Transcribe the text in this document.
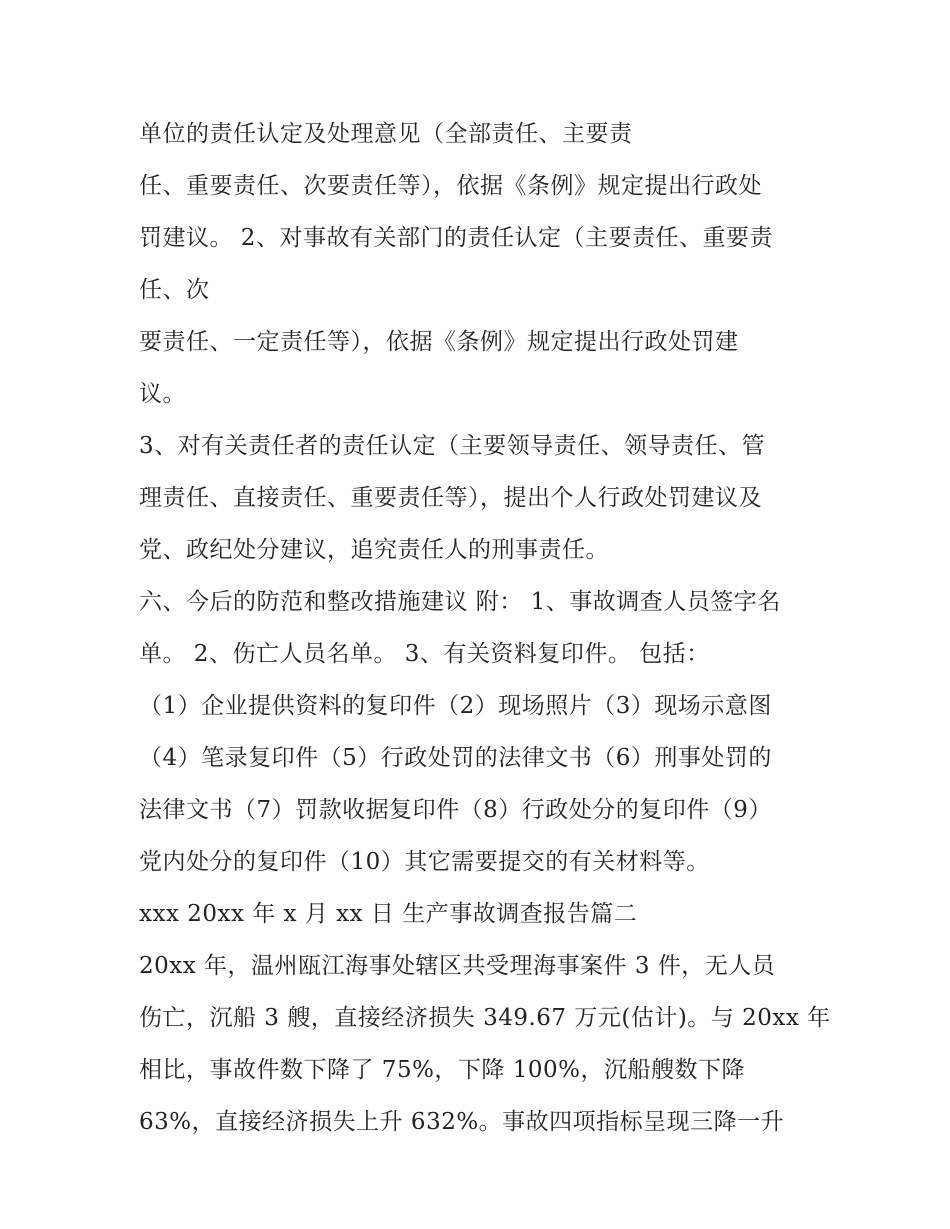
单位的责任认定及处理意见（全部责任、主要责
任、重要责任、次要责任等），依据《条例》规定提出行政处
罚建议。 2、对事故有关部门的责任认定（主要责任、重要责
任、次
要责任、一定责任等），依据《条例》规定提出行政处罚建
议。
3、对有关责任者的责任认定（主要领导责任、领导责任、管
理责任、直接责任、重要责任等），提出个人行政处罚建议及
党、政纪处分建议，追究责任人的刑事责任。
六、今后的防范和整改措施建议 附： 1、事故调查人员签字名
单。 2、伤亡人员名单。 3、有关资料复印件。 包括：
（1）企业提供资料的复印件（2）现场照片（3）现场示意图
（4）笔录复印件（5）行政处罚的法律文书（6）刑事处罚的
法律文书（7）罚款收据复印件（8）行政处分的复印件（9）
党内处分的复印件（10）其它需要提交的有关材料等。
xxx 20xx 年 x 月 xx 日 生产事故调查报告篇二
20xx 年，温州瓯江海事处辖区共受理海事案件 3 件，无人员
伤亡，沉船 3 艘，直接经济损失 349.67 万元(估计)。与 20xx 年
相比，事故件数下降了 75%，下降 100%，沉船艘数下降
63%，直接经济损失上升 632%。事故四项指标呈现三降一升
